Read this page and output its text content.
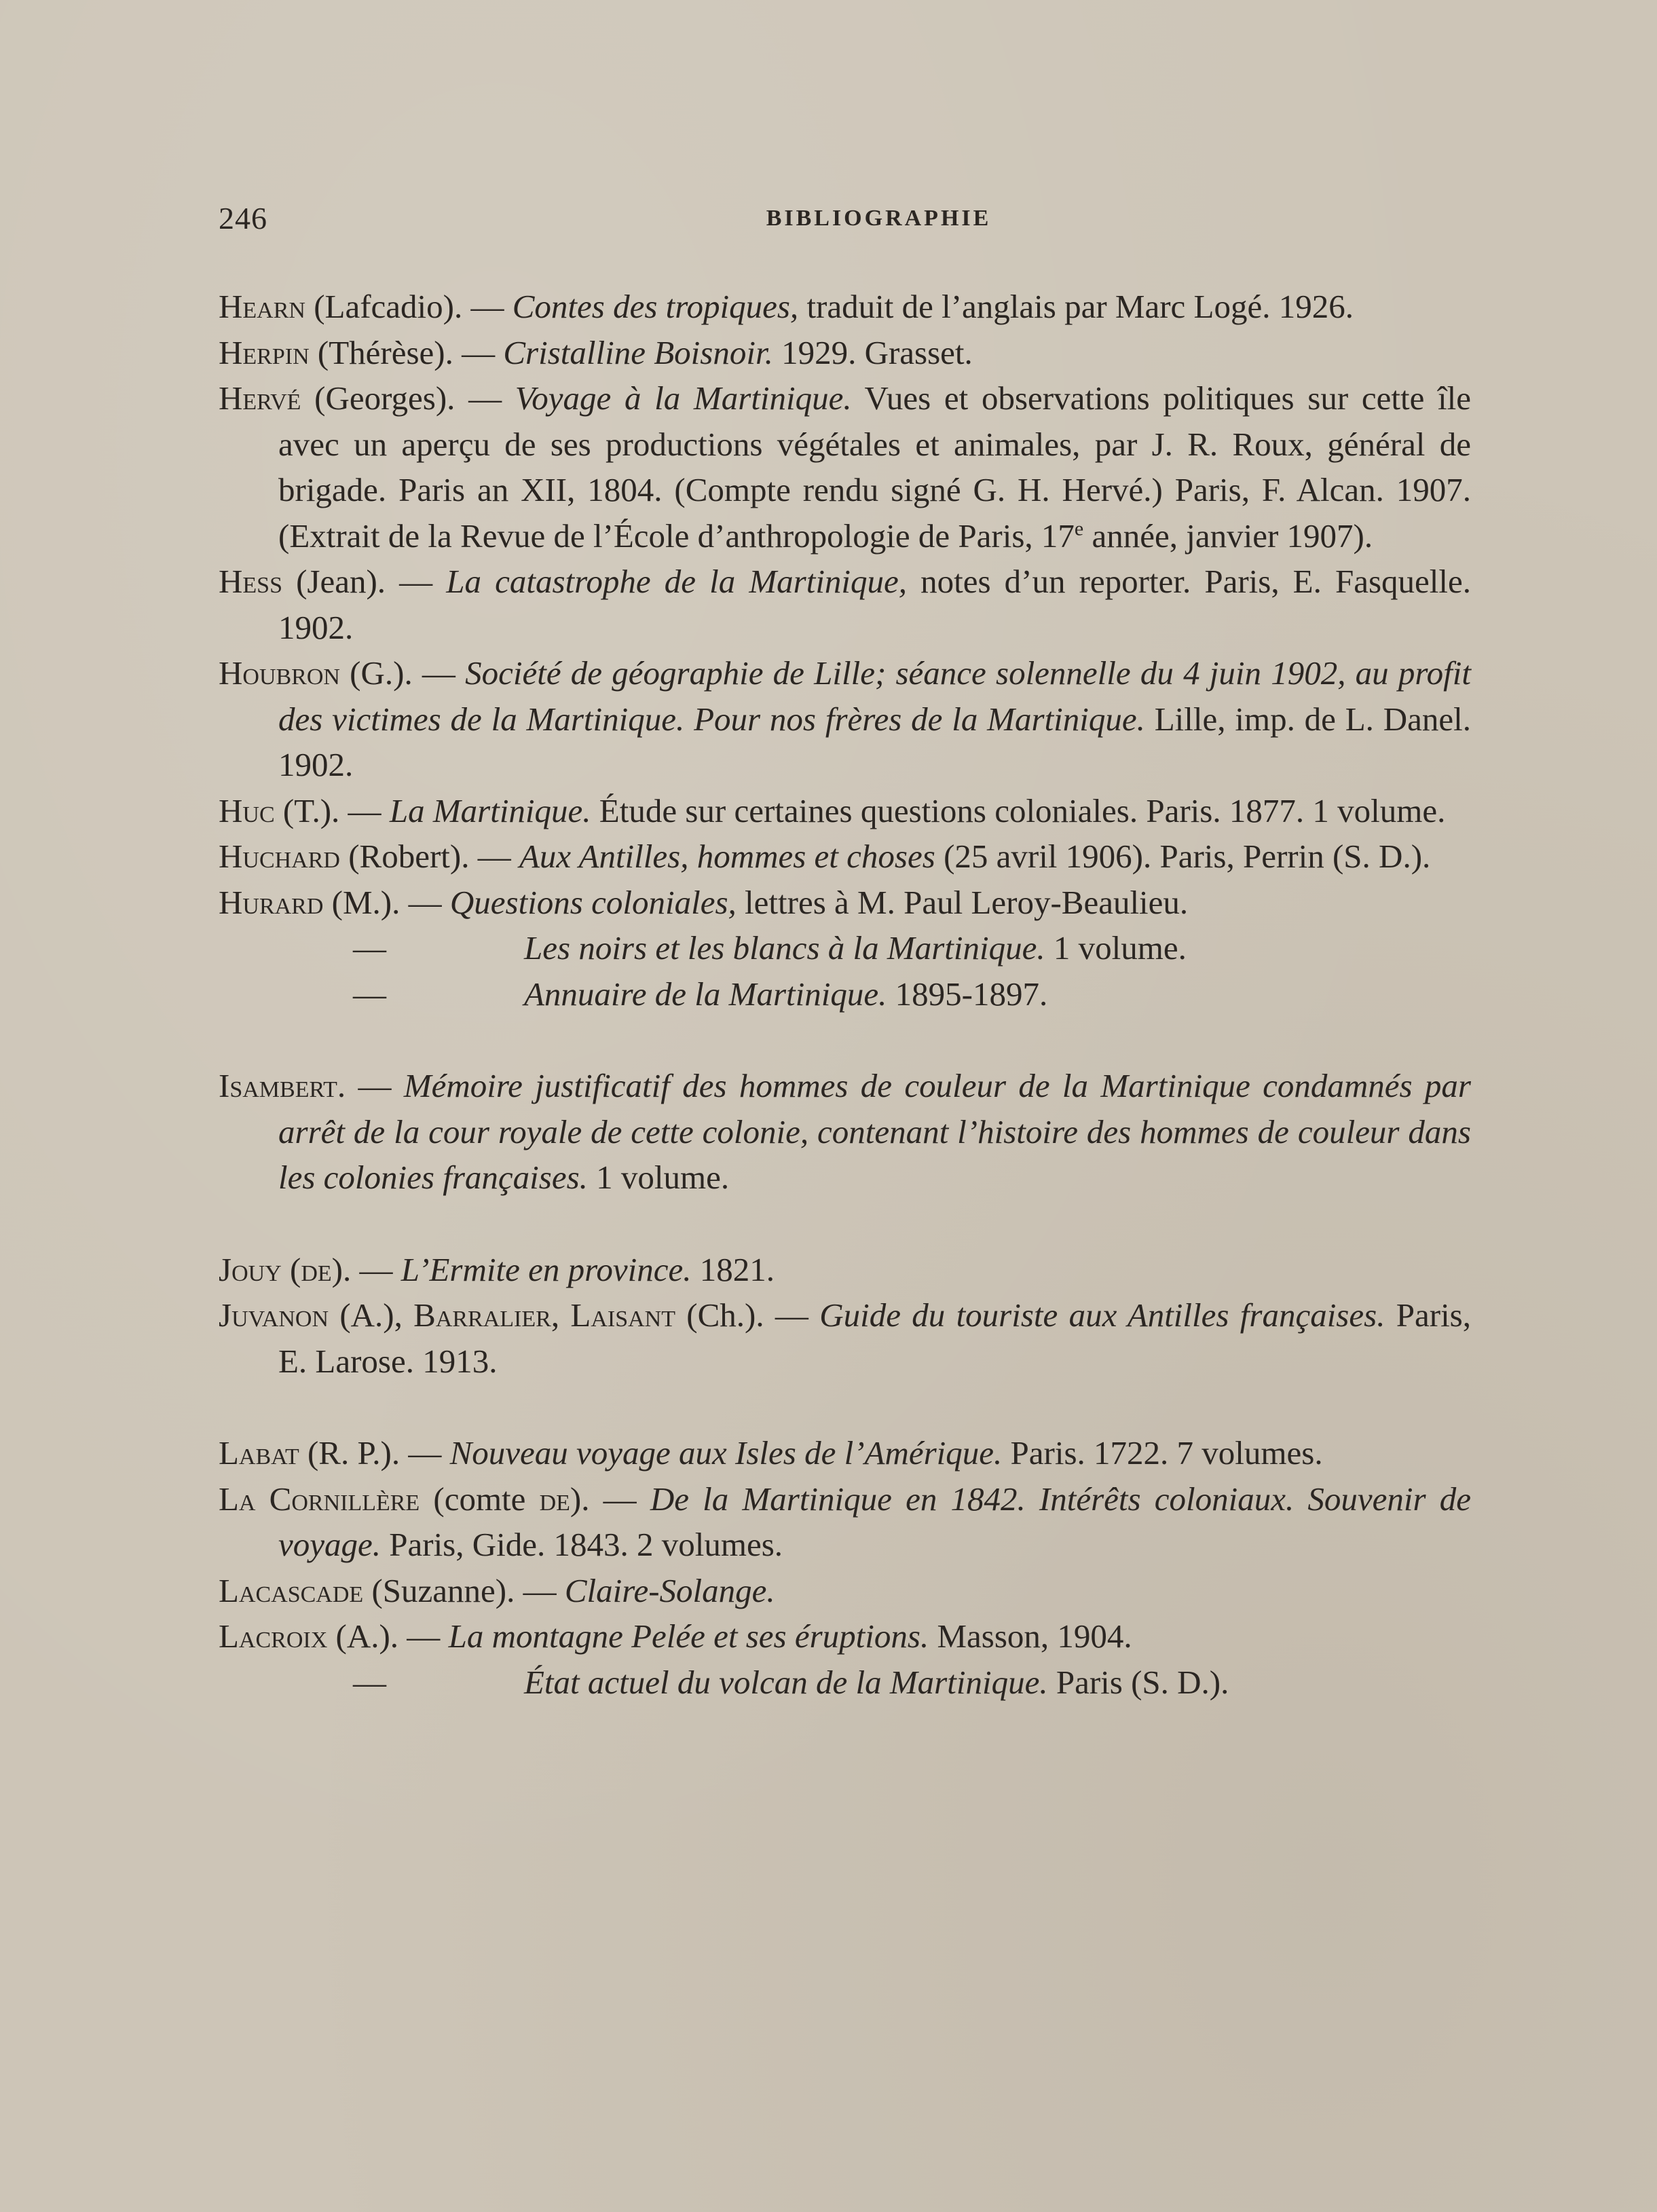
246	BIBLIOGRAPHIE
Hearn (Lafcadio). — Contes des tropiques, traduit de l’anglais par Marc Logé. 1926.
Herpin (Thérèse). — Cristalline Boisnoir. 1929. Grasset.
Hervé (Georges). — Voyage à la Martinique. Vues et observations politiques sur cette île avec un aperçu de ses productions végétales et animales, par J. R. Roux, général de brigade. Paris an XII, 1804. (Compte rendu signé G. H. Hervé.) Paris, F. Alcan. 1907. (Extrait de la Revue de l’École d’anthropologie de Paris, 17e année, janvier 1907).
Hess (Jean). — La catastrophe de la Martinique, notes d’un reporter. Paris, E. Fasquelle. 1902.
Houbron (G.). — Société de géographie de Lille; séance solennelle du 4 juin 1902, au profit des victimes de la Martinique. Pour nos frères de la Martinique. Lille, imp. de L. Danel. 1902.
Huc (T.). — La Martinique. Étude sur certaines questions coloniales. Paris. 1877. 1 volume.
Huchard (Robert). — Aux Antilles, hommes et choses (25 avril 1906). Paris, Perrin (S. D.).
Hurard (M.). — Questions coloniales, lettres à M. Paul Leroy-Beaulieu.
—	Les noirs et les blancs à la Martinique. 1 volume.
—	Annuaire de la Martinique. 1895-1897.
Isambert. — Mémoire justificatif des hommes de couleur de la Martinique condamnés par arrêt de la cour royale de cette colonie, contenant l’histoire des hommes de couleur dans les colonies françaises. 1 volume.
Jouy (de). — L’Ermite en province. 1821.
Juvanon (A.), Barralier, Laisant (Ch.). — Guide du touriste aux Antilles françaises. Paris, E. Larose. 1913.
Labat (R. P.). — Nouveau voyage aux Isles de l’Amérique. Paris. 1722. 7 volumes.
La Cornillère (comte de). — De la Martinique en 1842. Intérêts coloniaux. Souvenir de voyage. Paris, Gide. 1843. 2 volumes.
Lacascade (Suzanne). — Claire-Solange.
Lacroix (A.). — La montagne Pelée et ses éruptions. Masson, 1904.
—	État actuel du volcan de la Martinique. Paris (S. D.).
